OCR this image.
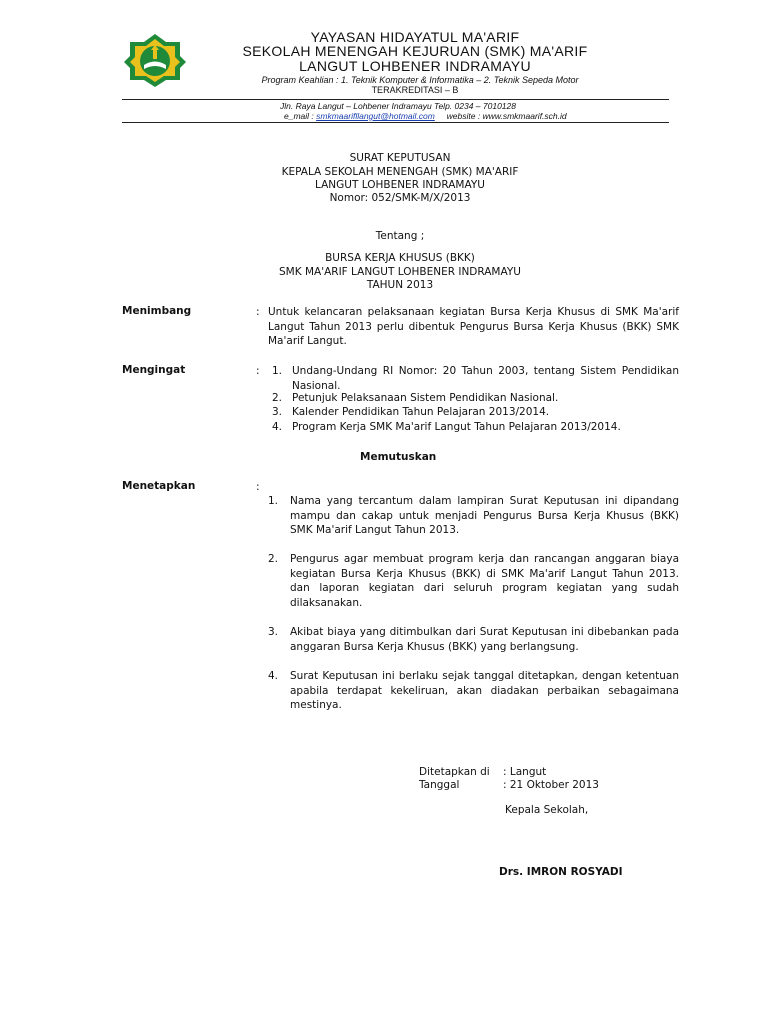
YAYASAN HIDAYATUL MA'ARIF
SEKOLAH MENENGAH KEJURUAN (SMK) MA'ARIF
LANGUT LOHBENER INDRAMAYU
Program Keahlian : 1. Teknik Komputer & Informatika – 2. Teknik Sepeda Motor
TERAKREDITASI – B
Jln. Raya Langut – Lohbener Indramayu Telp. 0234 – 7010128
e_mail : smkmaarifllangut@hotmail.com website : www.smkmaarif.sch.id
SURAT KEPUTUSAN
KEPALA SEKOLAH MENENGAH (SMK) MA'ARIF
LANGUT LOHBENER INDRAMAYU
Nomor: 052/SMK-M/X/2013
Tentang ;
BURSA KERJA KHUSUS (BKK)
SMK MA'ARIF LANGUT LOHBENER INDRAMAYU
TAHUN 2013
Menimbang	: Untuk kelancaran pelaksanaan kegiatan Bursa Kerja Khusus di SMK Ma'arif Langut Tahun 2013 perlu dibentuk Pengurus Bursa Kerja Khusus (BKK) SMK Ma'arif Langut.
Mengingat	: 1. Undang-Undang RI Nomor: 20 Tahun 2003, tentang Sistem Pendidikan Nasional.
2. Petunjuk Pelaksanaan Sistem Pendidikan Nasional.
3. Kalender Pendidikan Tahun Pelajaran 2013/2014.
4. Program Kerja SMK Ma'arif Langut Tahun Pelajaran 2013/2014.
Memutuskan
Menetapkan	:
1. Nama yang tercantum dalam lampiran Surat Keputusan ini dipandang mampu dan cakap untuk menjadi Pengurus Bursa Kerja Khusus (BKK) SMK Ma'arif Langut Tahun 2013.
2. Pengurus agar membuat program kerja dan rancangan anggaran biaya kegiatan Bursa Kerja Khusus (BKK) di SMK Ma'arif Langut Tahun 2013. dan laporan kegiatan dari seluruh program kegiatan yang sudah dilaksanakan.
3. Akibat biaya yang ditimbulkan dari Surat Keputusan ini dibebankan pada anggaran Bursa Kerja Khusus (BKK) yang berlangsung.
4. Surat Keputusan ini berlaku sejak tanggal ditetapkan, dengan ketentuan apabila terdapat kekeliruan, akan diadakan perbaikan sebagaimana mestinya.
Ditetapkan di : Langut
Tanggal	: 21 Oktober 2013
Kepala Sekolah,
Drs. IMRON ROSYADI
